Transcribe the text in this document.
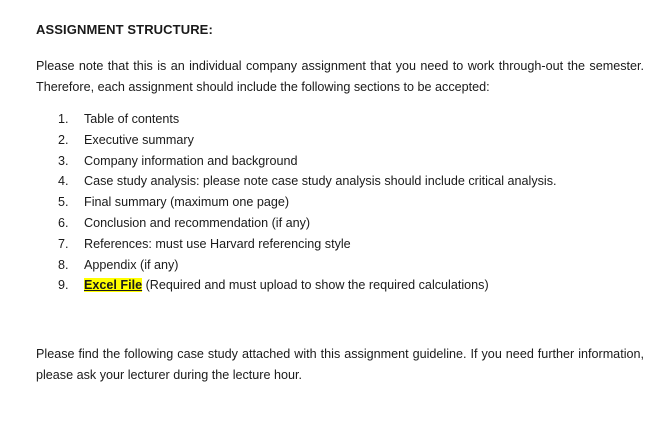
ASSIGNMENT STRUCTURE:
Please note that this is an individual company assignment that you need to work through-out the semester. Therefore, each assignment should include the following sections to be accepted:
1. Table of contents
2. Executive summary
3. Company information and background
4. Case study analysis: please note case study analysis should include critical analysis.
5. Final summary (maximum one page)
6. Conclusion and recommendation (if any)
7. References: must use Harvard referencing style
8. Appendix (if any)
9. Excel File (Required and must upload to show the required calculations)
Please find the following case study attached with this assignment guideline. If you need further information, please ask your lecturer during the lecture hour.
